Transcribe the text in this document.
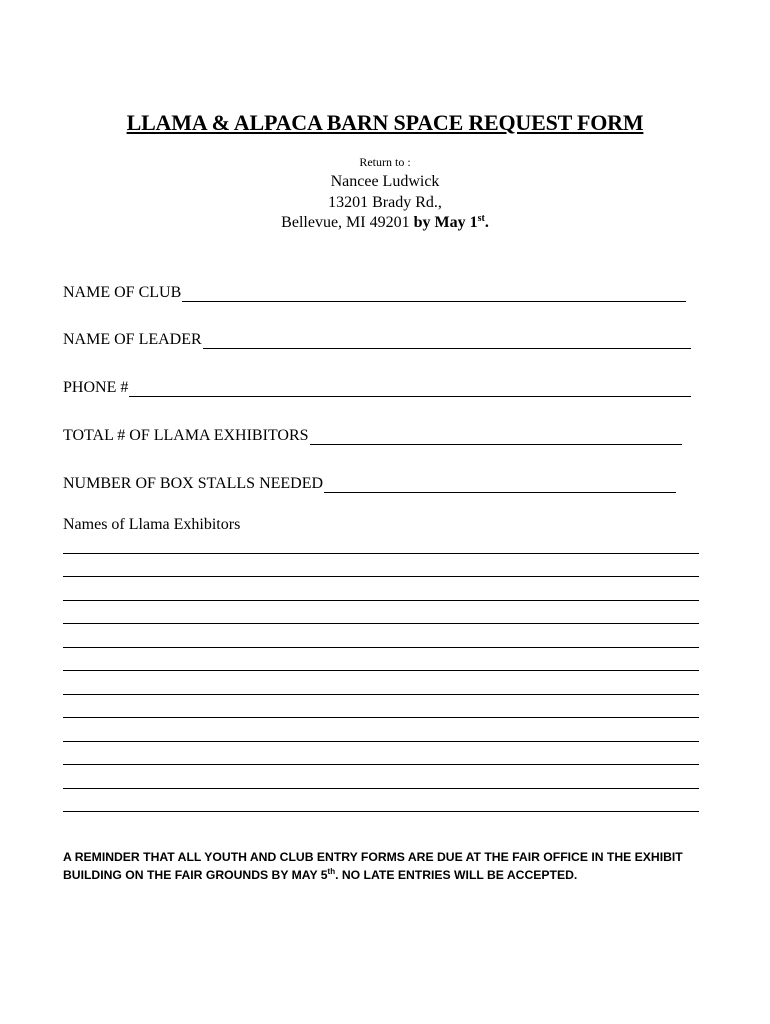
LLAMA & ALPACA BARN SPACE REQUEST FORM
Return to :
Nancee Ludwick
13201 Brady Rd.,
Bellevue, MI 49201 by May 1st.
NAME OF CLUB
NAME OF LEADER
PHONE #
TOTAL # OF LLAMA EXHIBITORS
NUMBER OF BOX STALLS NEEDED
Names of Llama Exhibitors
A REMINDER THAT ALL YOUTH AND CLUB ENTRY FORMS ARE DUE AT THE FAIR OFFICE IN THE EXHIBIT BUILDING ON THE FAIR GROUNDS BY MAY 5th. NO LATE ENTRIES WILL BE ACCEPTED.
